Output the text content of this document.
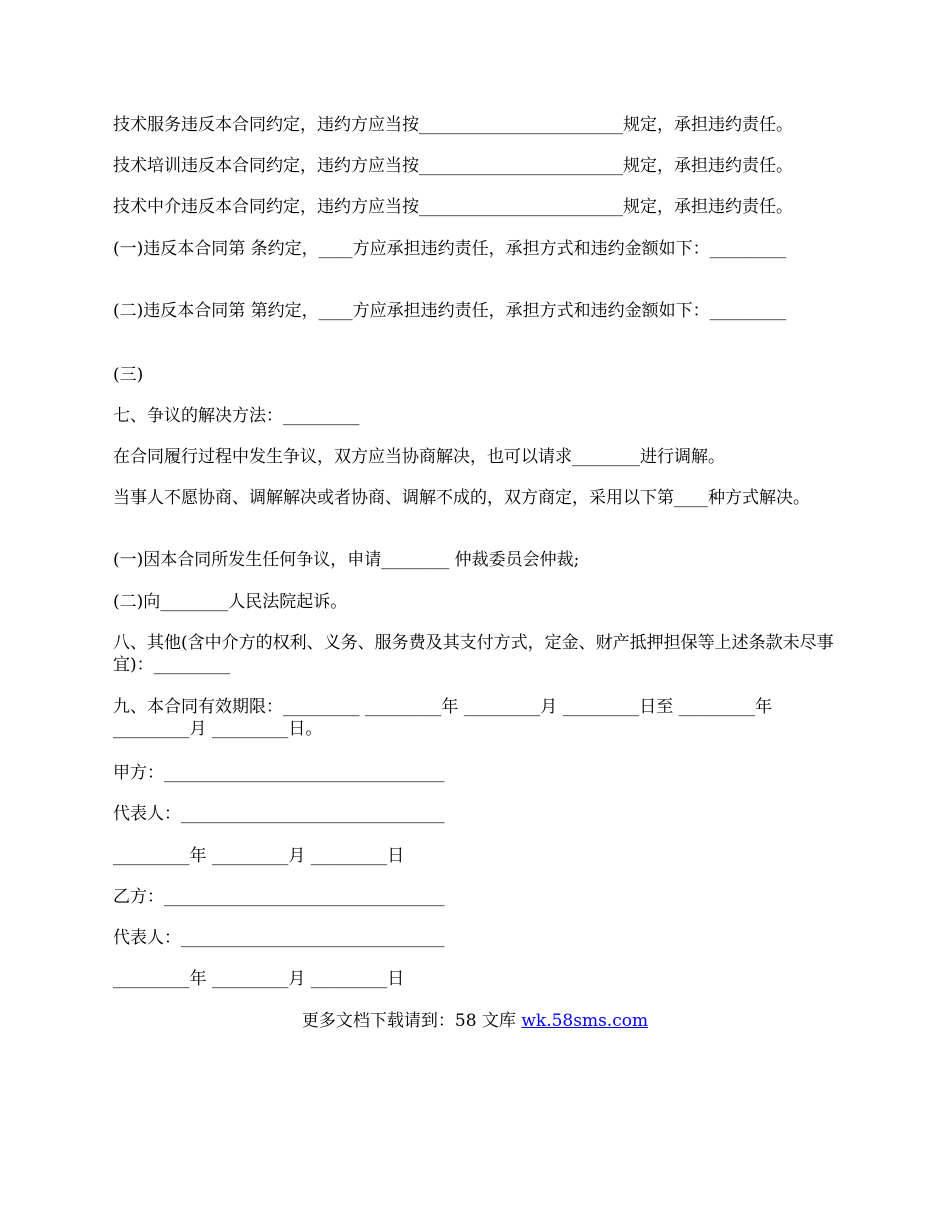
技术服务违反本合同约定，违约方应当按________________________规定，承担违约责任。

技术培训违反本合同约定，违约方应当按________________________规定，承担违约责任。

技术中介违反本合同约定，违约方应当按________________________规定，承担违约责任。

(一)违反本合同第 条约定，____方应承担违约责任，承担方式和违约金额如下：_________

(二)违反本合同第 第约定，____方应承担违约责任，承担方式和违约金额如下：_________

(三)

七、争议的解决方法：_________

在合同履行过程中发生争议，双方应当协商解决，也可以请求________进行调解。

当事人不愿协商、调解解决或者协商、调解不成的，双方商定，采用以下第____种方式解决。

(一)因本合同所发生任何争议，申请________ 仲裁委员会仲裁;

(二)向________人民法院起诉。

八、其他(含中介方的权利、义务、服务费及其支付方式，定金、财产抵押担保等上述条款未尽事宜)：_________

九、本合同有效期限：_________ _________年 _________月 _________日至 _________年 _________月 _________日。

甲方：_________________________________

代表人：_______________________________

_________年 _________月 _________日

乙方：_________________________________

代表人：_______________________________

_________年 _________月 _________日

更多文档下载请到：58 文库 wk.58sms.com
